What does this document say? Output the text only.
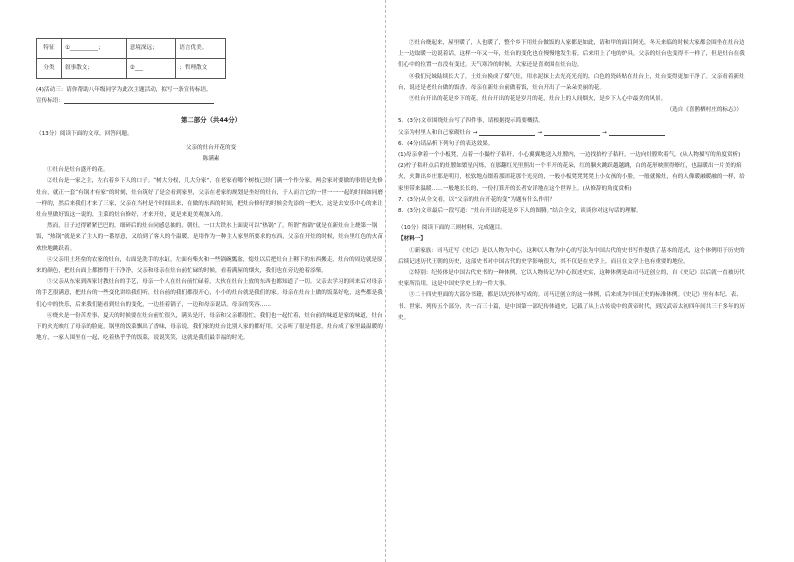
特征	①__________；	意境深远；	语言优美。
分类	叙事散文；	②___	；哲理散文

(4)活动三：请你帮助八年级同学为此次主题活动，拟写一条宣传标语。

宣传标语：

第二部分（共44分）

（13分）阅读下面的文章，回答问题。

父亲的灶台开花的变

陈满素

①灶台是灶台盛开的花。

②灶台是一家之主，左右着乡下人的口子。“树大分杈，儿大分家”，在老家看哪个树枝已经门满一个作分家，两会家对要做的事情是先修灶台，就正一套“有锅才有家”的时刻，灶台筑好了是会看到家里，父亲在老家的规划是坐好的灶台，于人而言它的一世一一一起的时间如同磨一样的，然后来我们才来了三家，父亲在当村是个时间出来，在做的东西的时间，把灶台修好的时候会先添的一把火，这是去安乐中心的来让灶台里做好饭这一说的，主菜的灶台修好，才来开灶，更是来更美观加入的。

然而，日子过得紧紧巴巴的，细碎后的灶台同感总抽的，朝灶，一口大铁水上面说可以“热锅”了，所谓“热锅”就是在新灶台上烧第一锅饭，“热锅”就是来了主人的一番厚意，又给到了客人的个温暖。是用作为一种主人家里所要求的东西，父亲在开灶的时候，灶台里红色的火苗欢快地跳跃着。

④父亲用土坯垒的农家的灶台，右面是洗手的水缸，左面有柴火和一些锅碗瓢盆，熄灶以后把灶台上剩下的东西搬走，灶台的周边就是原来的颜色，把灶台面上都擦得干干净净，父亲和母亲在灶台前忙碌的时候，看着满屋的烟火，我们也在旁边抢着添柴。

⑤父亲从东家到西家讨教灶台的手艺，母亲一个人在灶台前忙碌着，大伙在灶台上放的东西也都知道了一切。父亲去学习的回来后对母亲的手艺很满意，把灶台的一些变化讲给我们听，灶台前的我们都很开心，小小的灶台就是我们的家。母亲在灶台上做的饭菜好吃，这些都是我们心中的快乐，后来我们能看到灶台的变化，一边挂着锅子，一边和母亲说话，母亲的笑容……

⑥烧火是一份苦差事，夏天的时候要在灶台前忙很久，满头是汗，母亲和父亲都很忙，我们也一起忙着，灶台前的味道是家的味道，灶台下的火光映红了母亲的脸庞，锅里的饭菜飘出了香味，母亲说，我们家的灶台比别人家的都好用，父亲听了很是得意，灶台成了家里最温暖的地方，一家人围坐在一起，吃着热乎乎的饭菜，说说笑笑，这就是我们最幸福的时光。

⑦灶台烧起来，屋里暖了，人也暖了，整个乡下用灶台做饭的人家都是如此，请和甲的面目阿光，冬天来临的时候大家都会围坐在灶台边上一边取暖一边说着话，这样一年又一年，灶台的变化也在慢慢地发生着，后来用上了电的炉具，父亲的灶台也变得不一样了，但是灶台在我们心中的位置一直没有变过。天气寒冷的时候，大家还是喜欢围在灶台边。

⑧我们兄妹陆续长大了，土灶台换成了煤气灶，用水泥抹上去光亮光亮的，白色的瓷砖贴在灶台上，灶台变得更加干净了。父亲看着新灶台，说还是老灶台做的饭香。母亲在新灶台前做着饭，灶台开出了一朵朵美丽的花。

⑨灶台开出的花是乡下的花，灶台开出的花是岁月的花，灶台上的人间烟火，是乡下人心中最美的风景。

（选自《喜鹊栖村庄的标志》）

5．(3分)文章围绕灶台写了四件事，请根据提示简要概括。

父亲为村里人和自己家砌灶台 →	→	→

6．(4分)请品析下列句子的表达效果。

(1)母亲拿着一个小板凳，点着一小撮柠子秸秆，小心翼翼地送入灶膛内，一边找拾柠子秸秆，一边向灶膛吹着气。(从人物描写的角度赏析)

(2)柠子秸秆点后的灶膛如繁星闪烁，在那翻红光里照出一个半开的花朵，红的胭火跳跃越越跳，白的花形映照得燎红，也温暖出一片美的焰火，火舞出乡庄那是明月，松软地点缀着那团花那个光亮的，一般小板凳凳凳凳上小女孩的小脸，一般就像灶，有的人像暖融暖融的一样，给家里带来温暖……一般地长长的，一份打算开的长者安详地在这个世界上。(从修辞的角度赏析)

7．(3分)从全文看，以“父亲的灶台开花的变”为题有什么作用？

8．(3分)文章最后一段写道：“灶台开出的花是乡下人的图腾。”结合全文，谈谈你对这句话的理解。

（10分）阅读下面的三则材料，完成题目。

【材料一】

①新家族：司马迁写《史记》是以人物为中心，这种以人物为中心的写法为中国古代的史书写作提供了基本的范式，这个体例用于历史的后续记述历代王朝的历史，这部史书对中国古代的史学影响很大，其不仅是在史学上，而且在文学上也有重要的地位。

②特别：纪传体是中国古代史书的一种体例，它以人物传记为中心叙述史实，这种体例是由司马迁创立的，自《史记》以后就一直被历代史家所沿用，这是中国史学史上的一件大事。

③二十四史里面的大部分书籍，都是以纪传体写成的。司马迁创立的这一体例，后来成为中国正史的标准体例。《史记》里有本纪、表、书、世家、列传五个部分，共一百三十篇，是中国第一部纪传体通史，记载了从上古传说中的黄帝时代，到汉武帝太初四年间共三千多年的历史。
